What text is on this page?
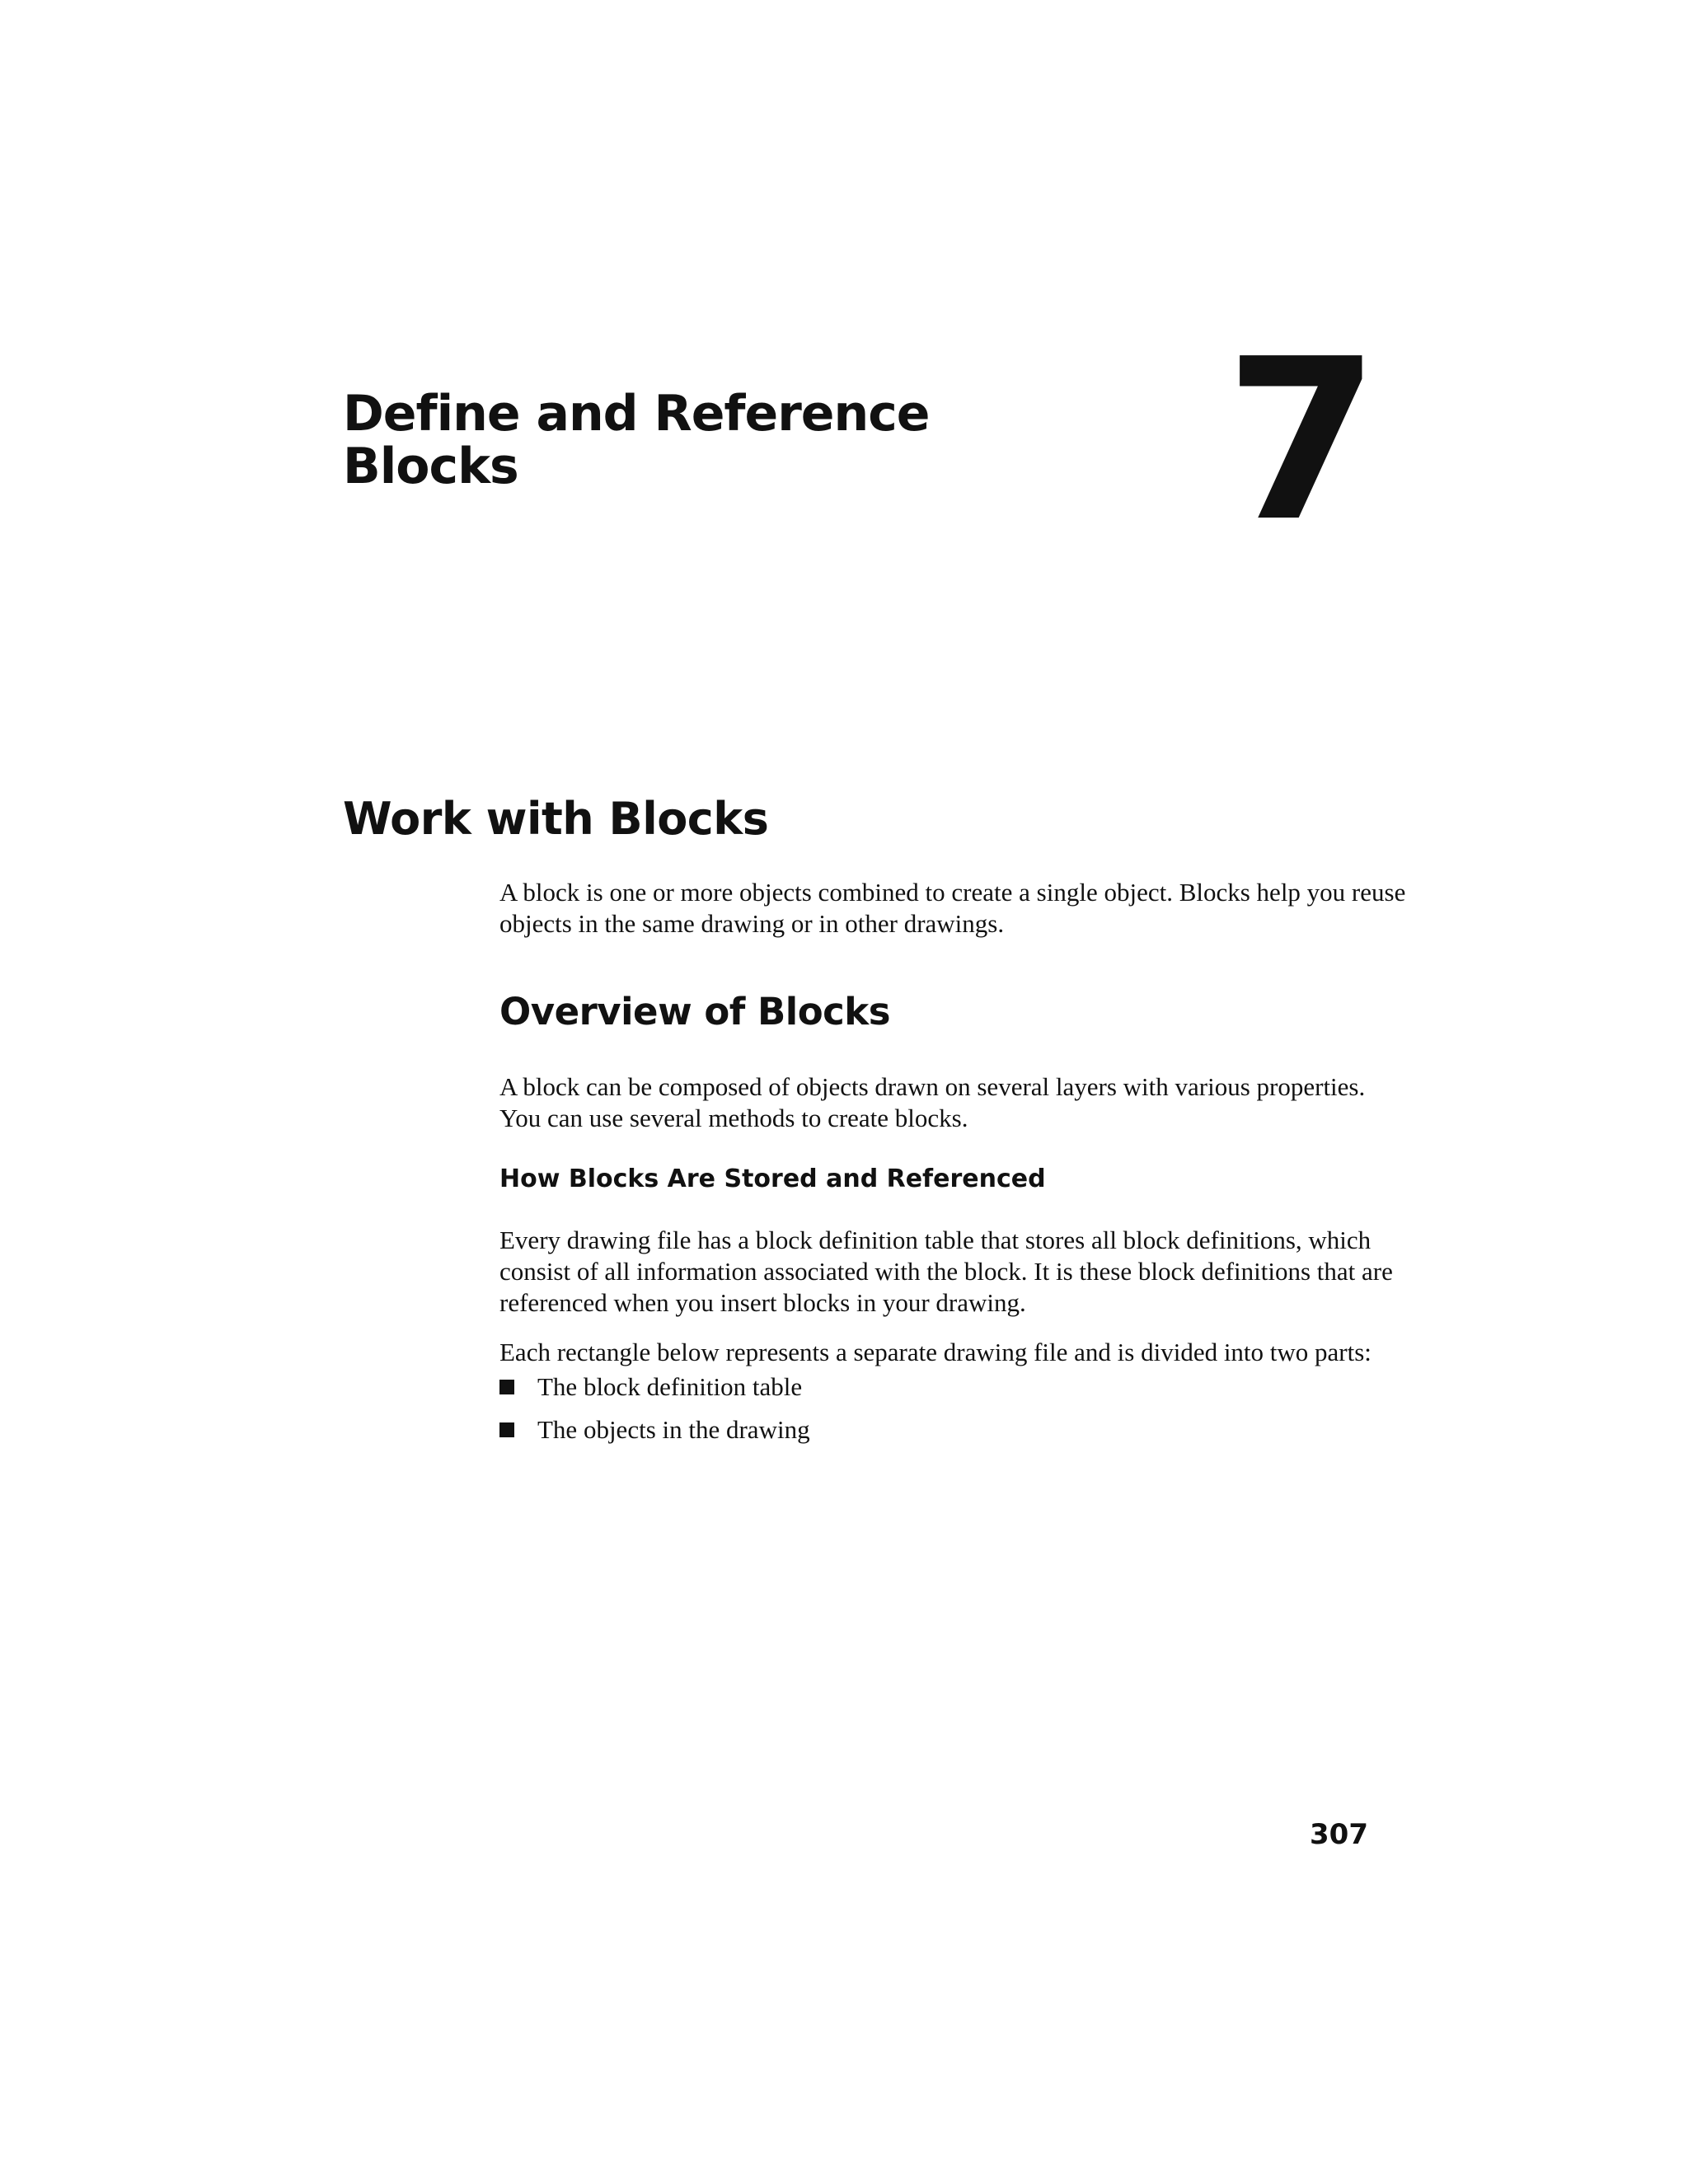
Define and Reference Blocks	7
Work with Blocks

A block is one or more objects combined to create a single object. Blocks help you reuse objects in the same drawing or in other drawings.

Overview of Blocks

A block can be composed of objects drawn on several layers with various properties. You can use several methods to create blocks.

How Blocks Are Stored and Referenced

Every drawing file has a block definition table that stores all block definitions, which consist of all information associated with the block. It is these block definitions that are referenced when you insert blocks in your drawing.

Each rectangle below represents a separate drawing file and is divided into two parts:

The block definition table
The objects in the drawing
307
